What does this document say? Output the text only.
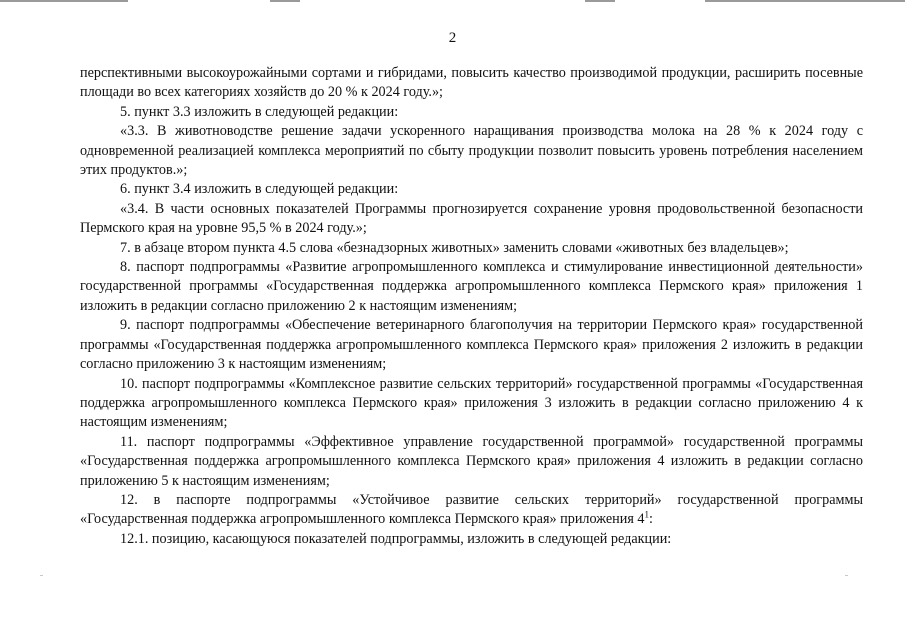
2

перспективными высокоурожайными сортами и гибридами, повысить качество производимой продукции, расширить посевные площади во всех категориях хозяйств до 20 % к 2024 году.»;

5. пункт 3.3 изложить в следующей редакции:

«3.3. В животноводстве решение задачи ускоренного наращивания производства молока на 28 % к 2024 году с одновременной реализацией комплекса мероприятий по сбыту продукции позволит повысить уровень потребления населением этих продуктов.»;

6. пункт 3.4 изложить в следующей редакции:

«3.4. В части основных показателей Программы прогнозируется сохранение уровня продовольственной безопасности Пермского края на уровне 95,5 % в 2024 году.»;

7. в абзаце втором пункта 4.5 слова «безнадзорных животных» заменить словами «животных без владельцев»;

8. паспорт подпрограммы «Развитие агропромышленного комплекса и стимулирование инвестиционной деятельности» государственной программы «Государственная поддержка агропромышленного комплекса Пермского края» приложения 1 изложить в редакции согласно приложению 2 к настоящим изменениям;

9. паспорт подпрограммы «Обеспечение ветеринарного благополучия на территории Пермского края» государственной программы «Государственная поддержка агропромышленного комплекса Пермского края» приложения 2 изложить в редакции согласно приложению 3 к настоящим изменениям;

10. паспорт подпрограммы «Комплексное развитие сельских территорий» государственной программы «Государственная поддержка агропромышленного комплекса Пермского края» приложения 3 изложить в редакции согласно приложению 4 к настоящим изменениям;

11. паспорт подпрограммы «Эффективное управление государственной программой» государственной программы «Государственная поддержка агропромышленного комплекса Пермского края» приложения 4 изложить в редакции согласно приложению 5 к настоящим изменениям;

12. в паспорте подпрограммы «Устойчивое развитие сельских территорий» государственной программы «Государственная поддержка агропромышленного комплекса Пермского края» приложения $4^1$:

12.1. позицию, касающуюся показателей подпрограммы, изложить в следующей редакции:
